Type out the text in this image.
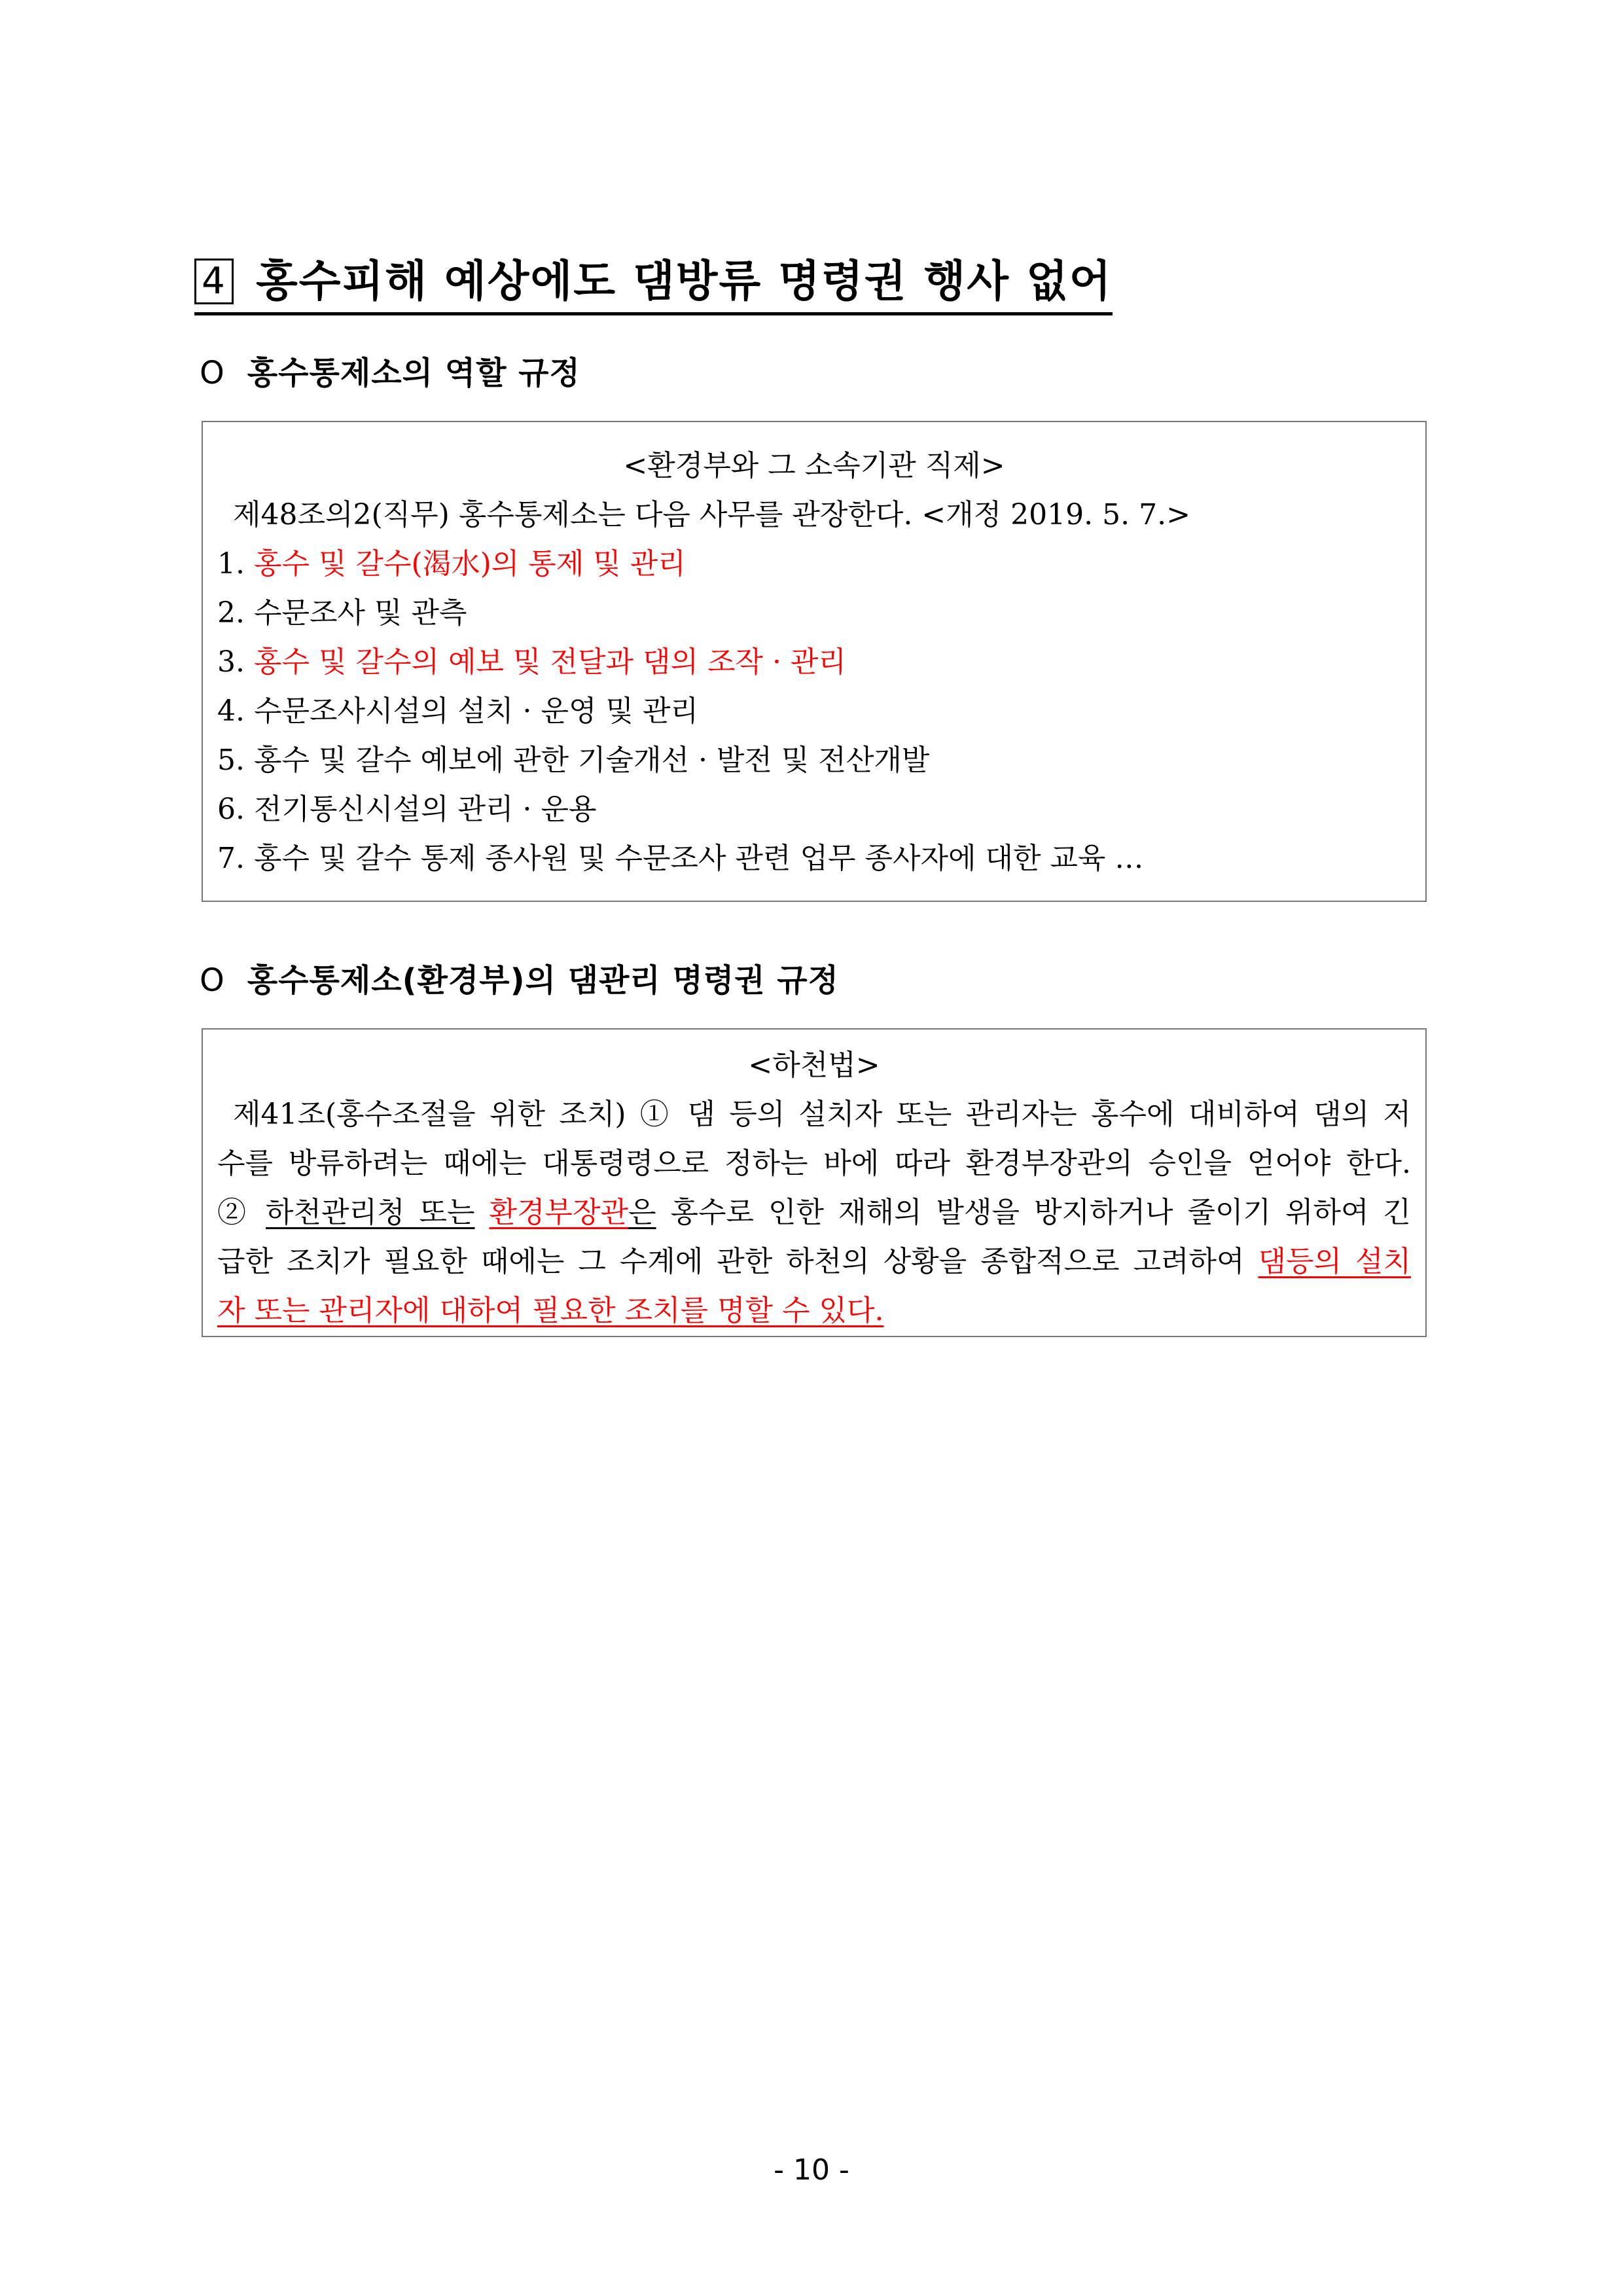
4 홍수피해 예상에도 댐방류 명령권 행사 없어
O 홍수통제소의 역할 규정
<환경부와 그 소속기관 직제>
제48조의2(직무) 홍수통제소는 다음 사무를 관장한다. <개정 2019. 5. 7.>
1. 홍수 및 갈수(渴水)의 통제 및 관리
2. 수문조사 및 관측
3. 홍수 및 갈수의 예보 및 전달과 댐의 조작 · 관리
4. 수문조사시설의 설치 · 운영 및 관리
5. 홍수 및 갈수 예보에 관한 기술개선 · 발전 및 전산개발
6. 전기통신시설의 관리 · 운용
7. 홍수 및 갈수 통제 종사원 및 수문조사 관련 업무 종사자에 대한 교육 …
O 홍수통제소(환경부)의 댐관리 명령권 규정
<하천법>
제41조(홍수조절을 위한 조치) ① 댐 등의 설치자 또는 관리자는 홍수에 대비하여 댐의 저
수를 방류하려는 때에는 대통령령으로 정하는 바에 따라 환경부장관의 승인을 얻어야 한다.
② 하천관리청 또는 환경부장관은 홍수로 인한 재해의 발생을 방지하거나 줄이기 위하여 긴
급한 조치가 필요한 때에는 그 수계에 관한 하천의 상황을 종합적으로 고려하여 댐등의 설치
자 또는 관리자에 대하여 필요한 조치를 명할 수 있다.
- 10 -
